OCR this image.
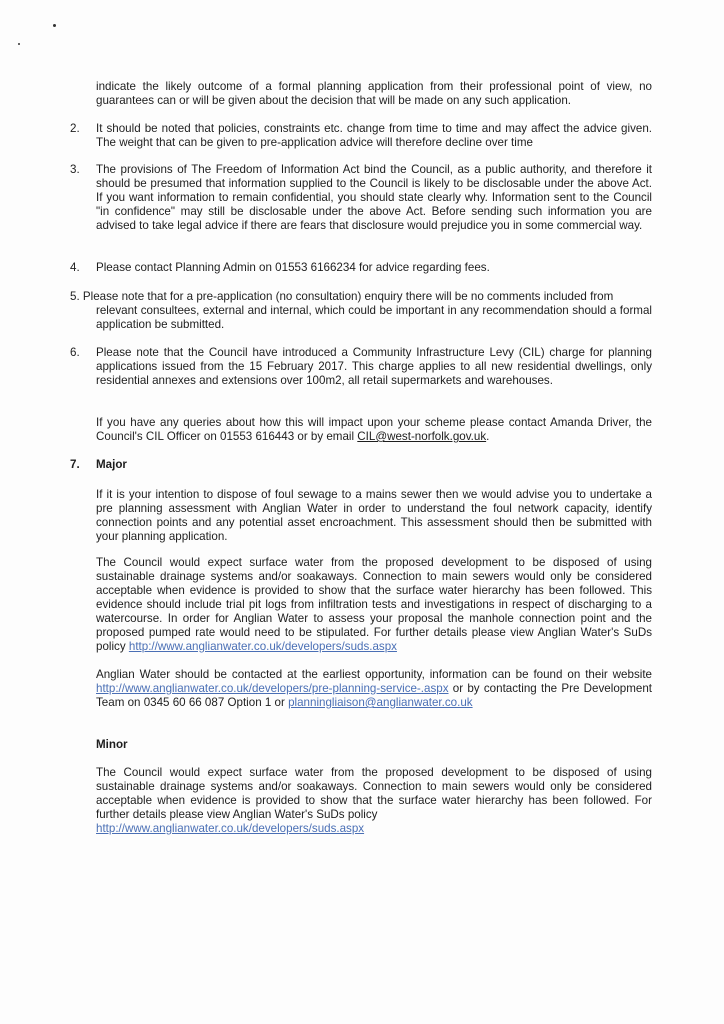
indicate the likely outcome of a formal planning application from their professional point of view, no guarantees can or will be given about the decision that will be made on any such application.
2. It should be noted that policies, constraints etc. change from time to time and may affect the advice given. The weight that can be given to pre-application advice will therefore decline over time
3. The provisions of The Freedom of Information Act bind the Council, as a public authority, and therefore it should be presumed that information supplied to the Council is likely to be disclosable under the above Act. If you want information to remain confidential, you should state clearly why. Information sent to the Council "in confidence" may still be disclosable under the above Act. Before sending such information you are advised to take legal advice if there are fears that disclosure would prejudice you in some commercial way.
4. Please contact Planning Admin on 01553 6166234 for advice regarding fees.
5. Please note that for a pre-application (no consultation) enquiry there will be no comments included from
relevant consultees, external and internal, which could be important in any recommendation should a formal application be submitted.
6. Please note that the Council have introduced a Community Infrastructure Levy (CIL) charge for planning applications issued from the 15 February 2017. This charge applies to all new residential dwellings, only residential annexes and extensions over 100m2, all retail supermarkets and warehouses.
If you have any queries about how this will impact upon your scheme please contact Amanda Driver, the Council's CIL Officer on 01553 616443 or by email CIL@west-norfolk.gov.uk.
7. Major
If it is your intention to dispose of foul sewage to a mains sewer then we would advise you to undertake a pre planning assessment with Anglian Water in order to understand the foul network capacity, identify connection points and any potential asset encroachment. This assessment should then be submitted with your planning application.
The Council would expect surface water from the proposed development to be disposed of using sustainable drainage systems and/or soakaways. Connection to main sewers would only be considered acceptable when evidence is provided to show that the surface water hierarchy has been followed. This evidence should include trial pit logs from infiltration tests and investigations in respect of discharging to a watercourse. In order for Anglian Water to assess your proposal the manhole connection point and the proposed pumped rate would need to be stipulated. For further details please view Anglian Water's SuDs policy http://www.anglianwater.co.uk/developers/suds.aspx
Anglian Water should be contacted at the earliest opportunity, information can be found on their website http://www.anglianwater.co.uk/developers/pre-planning-service-.aspx or by contacting the Pre Development Team on 0345 60 66 087 Option 1 or planningliaison@anglianwater.co.uk
Minor
The Council would expect surface water from the proposed development to be disposed of using sustainable drainage systems and/or soakaways. Connection to main sewers would only be considered acceptable when evidence is provided to show that the surface water hierarchy has been followed. For further details please view Anglian Water's SuDs policy
http://www.anglianwater.co.uk/developers/suds.aspx
